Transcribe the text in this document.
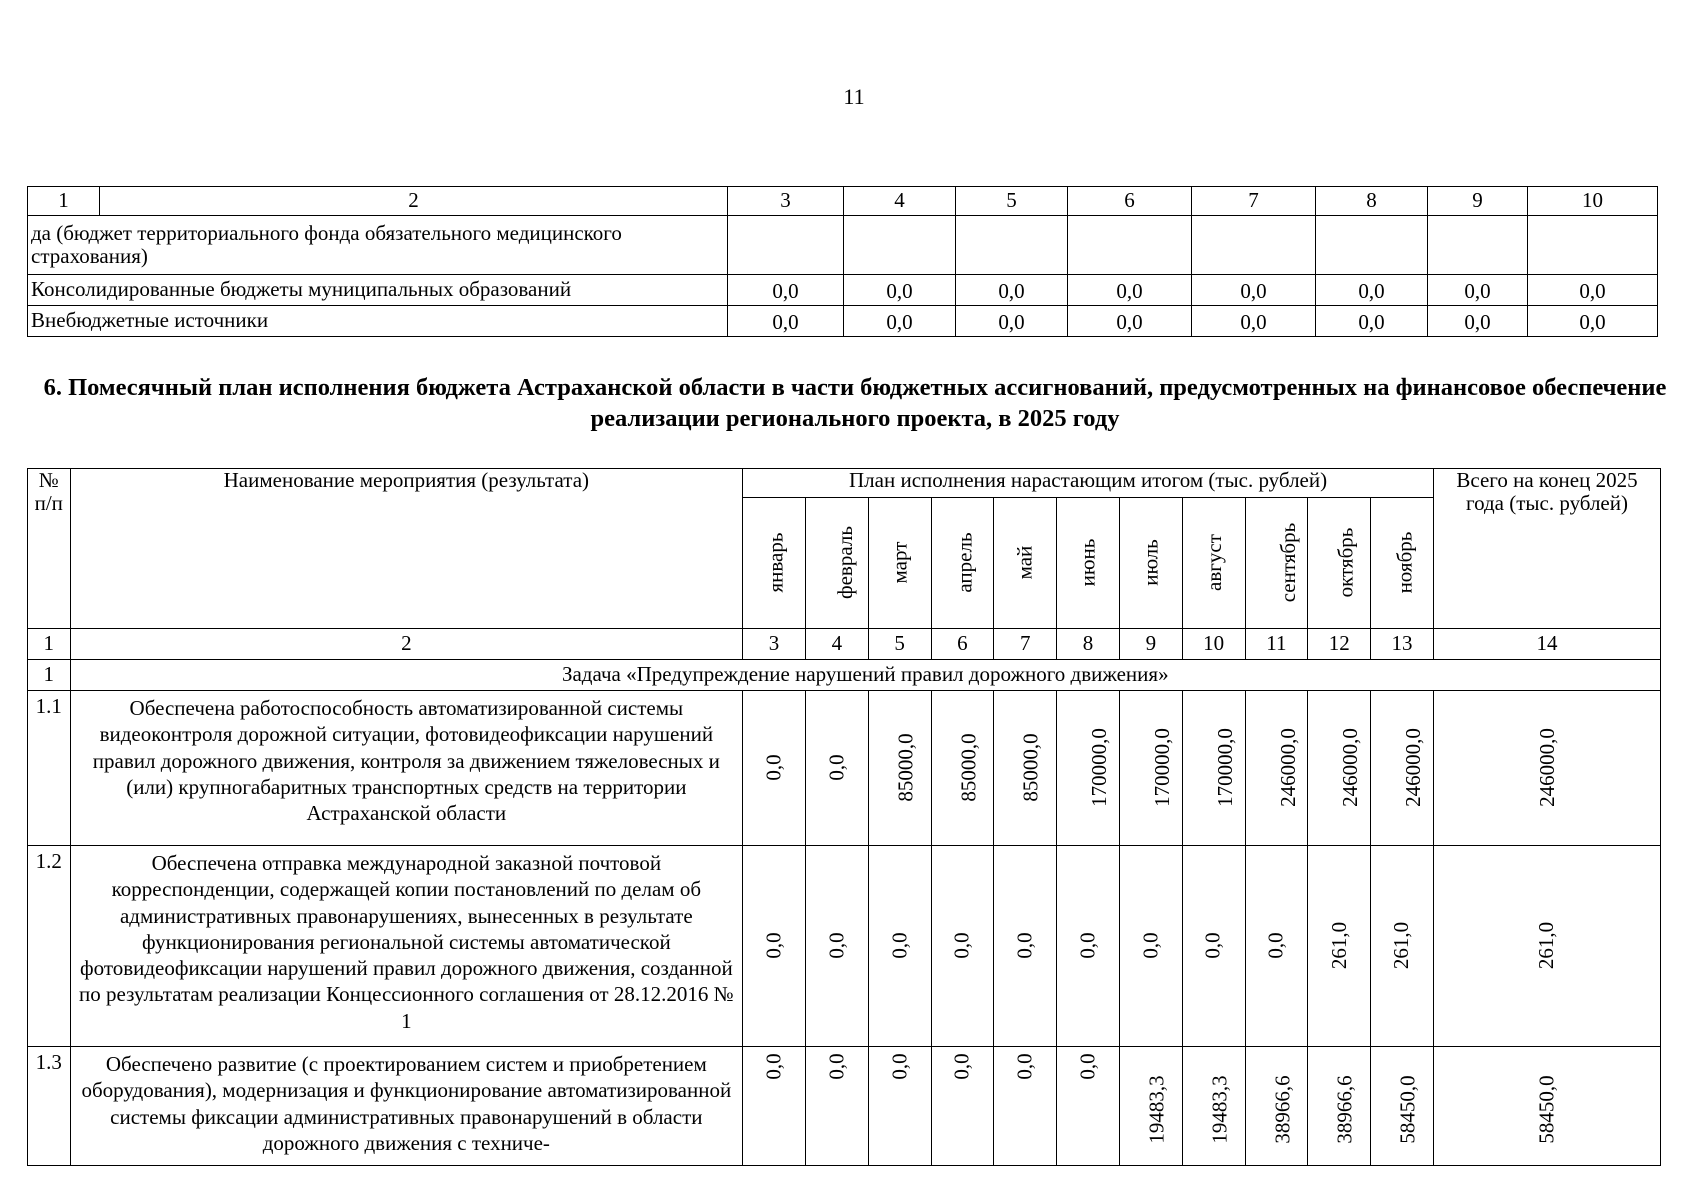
11
1	2	3	4	5	6	7	8	9	10
да (бюджет территориального фонда обязательного медицинского страхования)									
Консолидированные бюджеты муниципальных образований		0,0	0,0	0,0	0,0	0,0	0,0	0,0	0,0
Внебюджетные источники		0,0	0,0	0,0	0,0	0,0	0,0	0,0	0,0
6. Помесячный план исполнения бюджета Астраханской области в части бюджетных ассигнований, предусмотренных на финансовое обеспечение реализации регионального проекта, в 2025 году
№ п/п	Наименование мероприятия (результата)	План исполнения нарастающим итогом (тыс. рублей)											Всего на конец 2025 года (тыс. рублей)
		январь	февраль	март	апрель	май	июнь	июль	август	сентябрь	октябрь	ноябрь	
1	2	3	4	5	6	7	8	9	10	11	12	13	14
1	Задача «Предупреждение нарушений правил дорожного движения»												
1.1	Обеспечена работоспособность автоматизированной системы видеоконтроля дорожной ситуации, фотовидеофиксации нарушений правил дорожного движения, контроля за движением тяжеловесных и (или) крупногабаритных транспортных средств на территории Астраханской области	0,0	0,0	85000,0	85000,0	85000,0	170000,0	170000,0	170000,0	246000,0	246000,0	246000,0	246000,0
1.2	Обеспечена отправка международной заказной почтовой корреспонденции, содержащей копии постановлений по делам об административных правонарушениях, вынесенных в результате функционирования региональной системы автоматической фотовидеофиксации нарушений правил дорожного движения, созданной по результатам реализации Концессионного соглашения от 28.12.2016 № 1	0,0	0,0	0,0	0,0	0,0	0,0	0,0	0,0	0,0	261,0	261,0	261,0
1.3	Обеспечено развитие (с проектированием систем и приобретением оборудования), модернизация и функционирование автоматизированной системы фиксации административных правонарушений в области дорожного движения с техниче-	0,0	0,0	0,0	0,0	0,0	0,0	19483,3	19483,3	38966,6	38966,6	58450,0	58450,0
